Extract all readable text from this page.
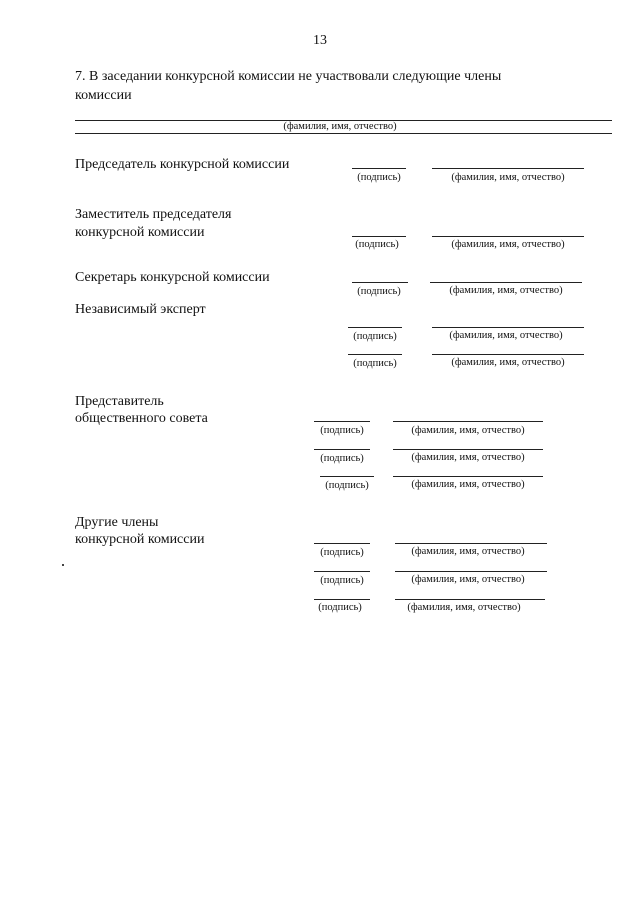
13
7. В заседании конкурсной комиссии не участвовали следующие члены
комиссии
(фамилия, имя, отчество)
Председатель конкурсной комиссии
(подпись)	(фамилия, имя, отчество)
Заместитель председателя
конкурсной комиссии
(подпись)	(фамилия, имя, отчество)
Секретарь конкурсной комиссии
(подпись)	(фамилия, имя, отчество)
Независимый эксперт
(подпись)	(фамилия, имя, отчество)
(подпись)	(фамилия, имя, отчество)
Представитель
общественного совета
(подпись)	(фамилия, имя, отчество)
(подпись)	(фамилия, имя, отчество)
(подпись)	(фамилия, имя, отчество)
Другие члены
конкурсной комиссии
(подпись)	(фамилия, имя, отчество)
(подпись)	(фамилия, имя, отчество)
(подпись)	(фамилия, имя, отчество)
